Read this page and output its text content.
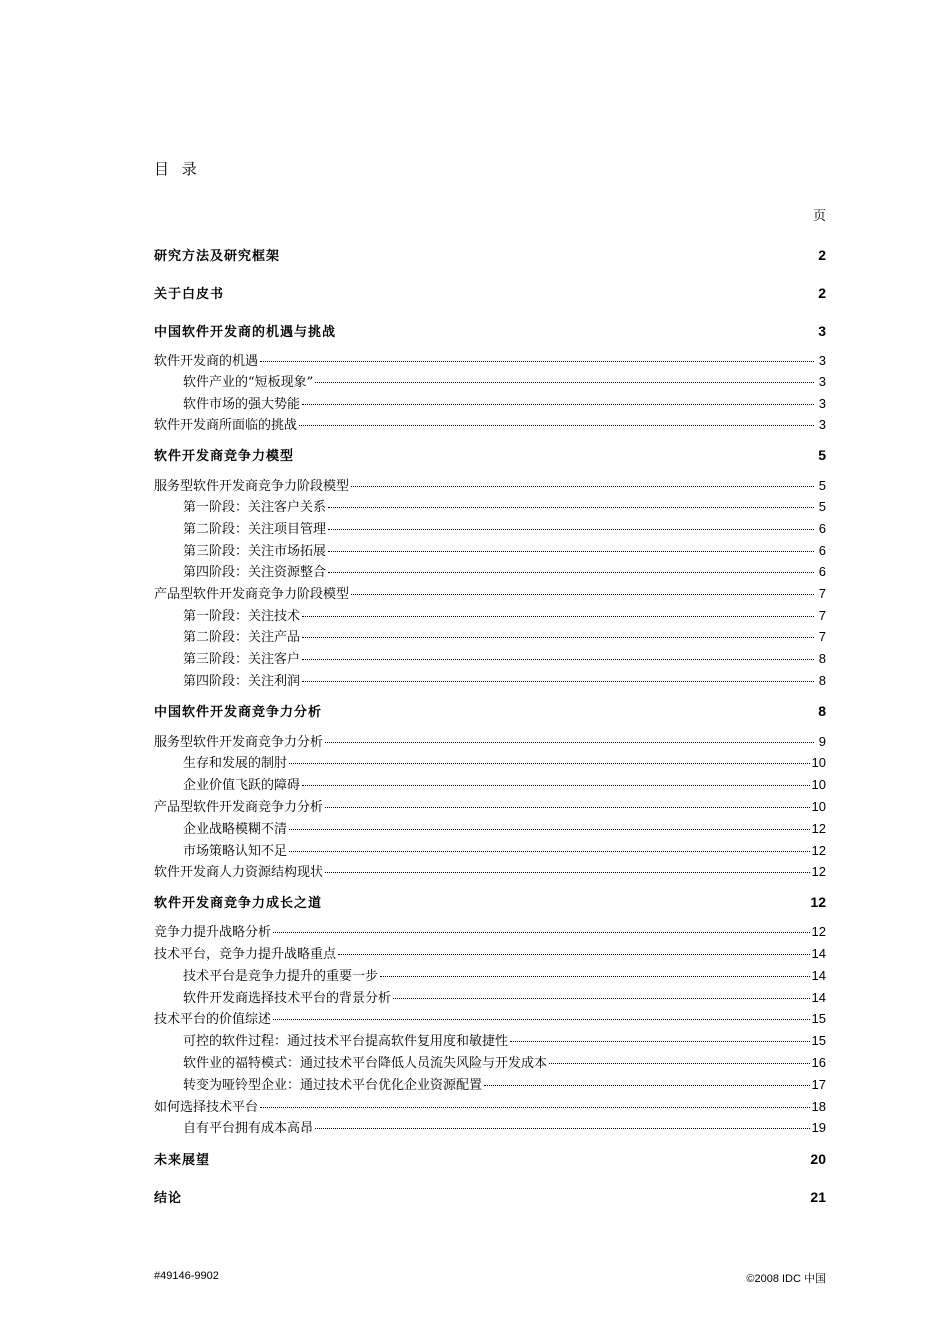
目 录
页
研究方法及研究框架	2
关于白皮书	2
中国软件开发商的机遇与挑战	3
软件开发商的机遇	3
软件产业的“短板现象”	3
软件市场的强大势能	3
软件开发商所面临的挑战	3
软件开发商竞争力模型	5
服务型软件开发商竞争力阶段模型	5
第一阶段：关注客户关系	5
第二阶段：关注项目管理	6
第三阶段：关注市场拓展	6
第四阶段：关注资源整合	6
产品型软件开发商竞争力阶段模型	7
第一阶段：关注技术	7
第二阶段：关注产品	7
第三阶段：关注客户	8
第四阶段：关注利润	8
中国软件开发商竞争力分析	8
服务型软件开发商竞争力分析	9
生存和发展的制肘	10
企业价值飞跃的障碍	10
产品型软件开发商竞争力分析	10
企业战略模糊不清	12
市场策略认知不足	12
软件开发商人力资源结构现状	12
软件开发商竞争力成长之道	12
竞争力提升战略分析	12
技术平台，竞争力提升战略重点	14
技术平台是竞争力提升的重要一步	14
软件开发商选择技术平台的背景分析	14
技术平台的价值综述	15
可控的软件过程：通过技术平台提高软件复用度和敏捷性	15
软件业的福特模式：通过技术平台降低人员流失风险与开发成本	16
转变为哑铃型企业：通过技术平台优化企业资源配置	17
如何选择技术平台	18
自有平台拥有成本高昂	19
未来展望	20
结论	21
#49146-9902	©2008 IDC 中国
